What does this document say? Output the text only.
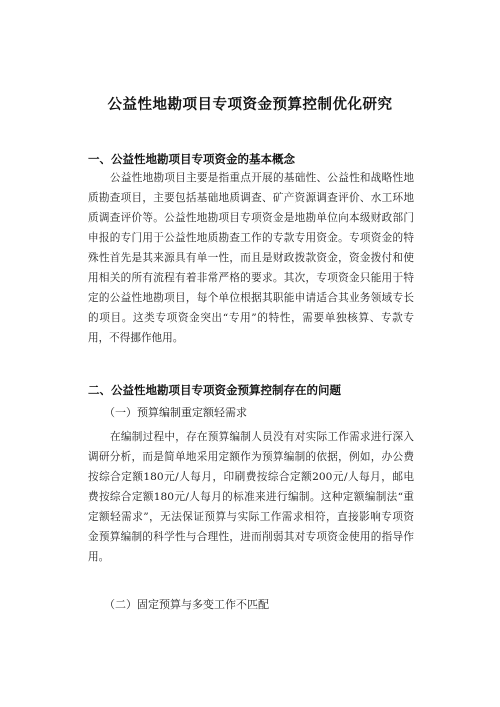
公益性地勘项目专项资金预算控制优化研究
一、公益性地勘项目专项资金的基本概念
公益性地勘项目主要是指重点开展的基础性、公益性和战略性地
质勘查项目，主要包括基础地质调查、矿产资源调查评价、水工环地
质调查评价等。公益性地勘项目专项资金是地勘单位向本级财政部门
申报的专门用于公益性地质勘查工作的专款专用资金。专项资金的特
殊性首先是其来源具有单一性，而且是财政拨款资金，资金拨付和使
用相关的所有流程有着非常严格的要求。其次，专项资金只能用于特
定的公益性地勘项目，每个单位根据其职能申请适合其业务领域专长
的项目。这类专项资金突出“专用”的特性，需要单独核算、专款专
用，不得挪作他用。
二、公益性地勘项目专项资金预算控制存在的问题
（一）预算编制重定额轻需求
在编制过程中，存在预算编制人员没有对实际工作需求进行深入
调研分析，而是简单地采用定额作为预算编制的依据，例如，办公费
按综合定额180元/人每月，印刷费按综合定额200元/人每月，邮电
费按综合定额180元/人每月的标准来进行编制。这种定额编制法“重
定额轻需求”，无法保证预算与实际工作需求相符，直接影响专项资
金预算编制的科学性与合理性，进而削弱其对专项资金使用的指导作
用。
（二）固定预算与多变工作不匹配
